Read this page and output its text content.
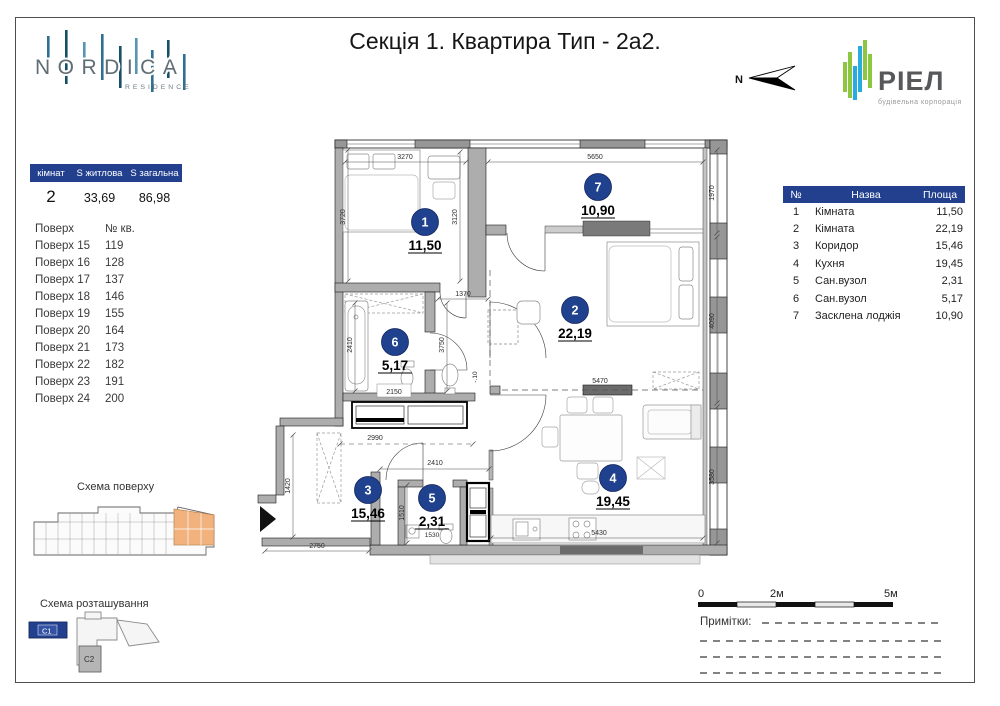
Секція 1. Квартира Тип - 2а2.
NORDICA
RESIDENCE
N	РІЕЛ
будівельна корпорація
кімнат	S житлова S загальна
2	33,69	86,98
Поверх	№ кв.
Поверх 15	119
Поверх 16	128
Поверх 17	137
Поверх 18	146
Поверх 19	155
Поверх 20	164
Поверх 21	173
Поверх 22	182
Поверх 23	191
Поверх 24	200
№	Назва	Площа
1	Кімната	11,50
2	Кімната	22,19
3	Коридор	15,46
4	Кухня	19,45
5	Сан.вузол	2,31
6	Сан.вузол	5,17
7	Засклена лоджія	10,90
3270	5650
3720	3120
1970
4090
3580
1370
3750
2410
2150
2990
5470
1420
2750
2410
1510
1530	5430
-.10
1
11,50
2
22,19
3
15,46
4
19,45
5
2,31
6
5,17
7
10,90
Схема поверху
Схема розташування
C2
C1
0	2м	5м
Примітки:
